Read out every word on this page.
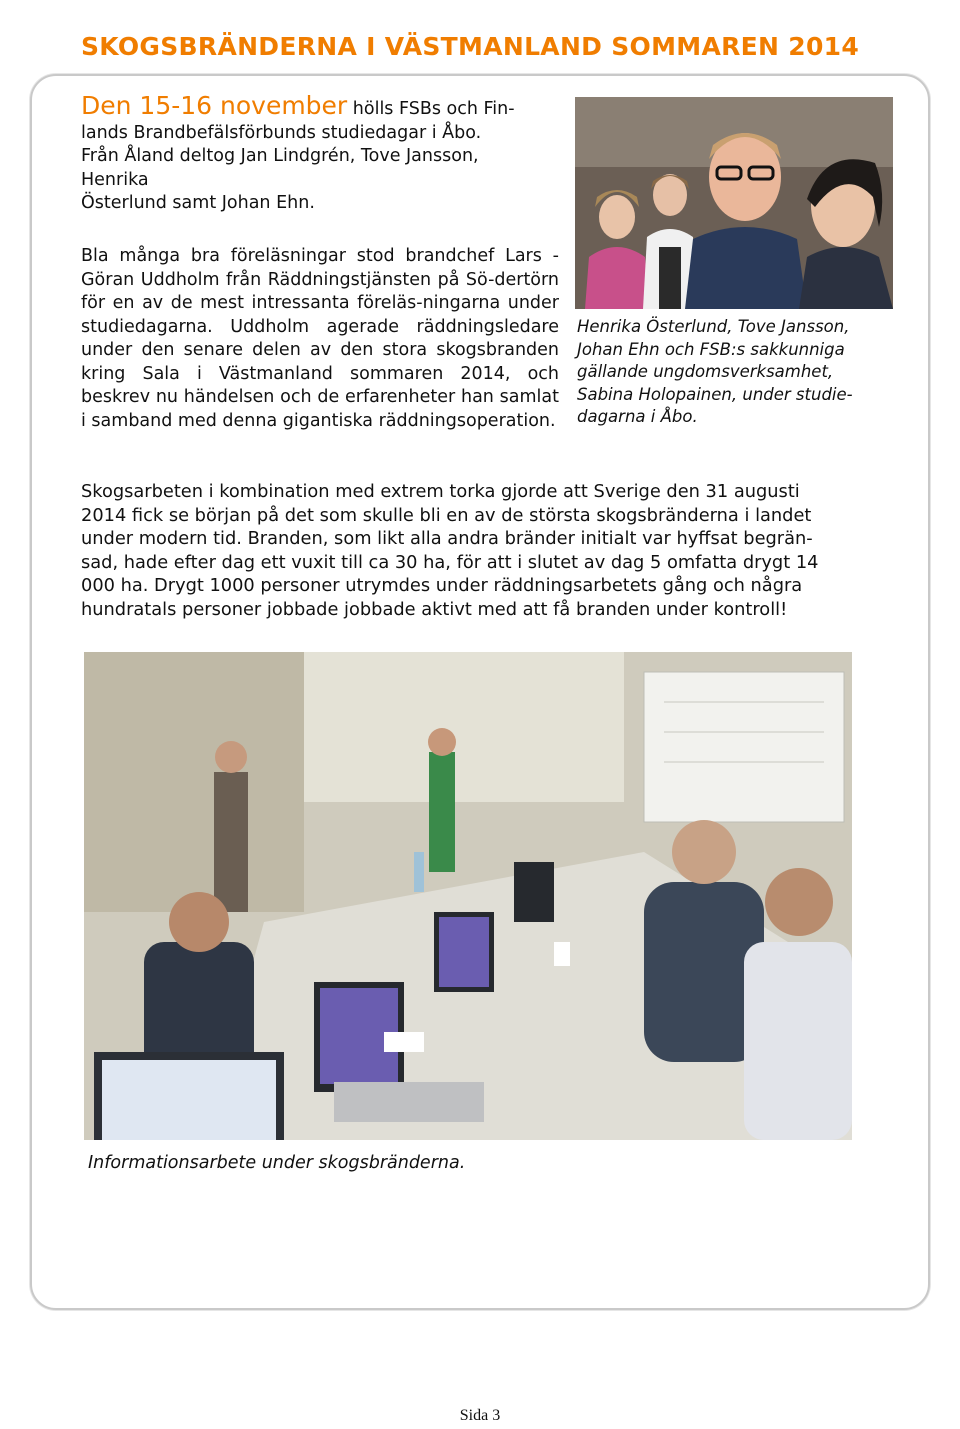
SKOGSBRÄNDERNA I VÄSTMANLAND SOMMAREN 2014

Den 15-16 november hölls FSBs och Fin-

lands Brandbefälsförbunds studiedagar i Åbo.

Från Åland deltog Jan Lindgrén, Tove Jansson,

Henrika

Österlund samt Johan Ehn.

Bla många bra föreläsningar stod brandchef Lars -Göran Uddholm från Räddningstjänsten på Sö-dertörn för en av de mest intressanta föreläs-ningarna under studiedagarna. Uddholm agerade räddningsledare under den senare delen av den stora skogsbranden kring Sala i Västmanland sommaren 2014, och beskrev nu händelsen och de erfarenheter han samlat i samband med denna gigantiska räddningsoperation.
Henrika Österlund, Tove Jansson,
Johan Ehn och FSB:s sakkunniga
gällande ungdomsverksamhet,
Sabina Holopainen, under studie-
dagarna i Åbo.

Skogsarbeten i kombination med extrem torka gjorde att Sverige den 31 augusti

2014 fick se början på det som skulle bli en av de största skogsbränderna i landet

under modern tid. Branden, som likt alla andra bränder initialt var hyffsat begrän-

sad, hade efter dag ett vuxit till ca 30 ha, för att i slutet av dag 5 omfatta drygt 14

000 ha. Drygt 1000 personer utrymdes under räddningsarbetets gång och några

hundratals personer jobbade jobbade aktivt med att få branden under kontroll!

Informationsarbete under skogsbränderna.
Sida 3
